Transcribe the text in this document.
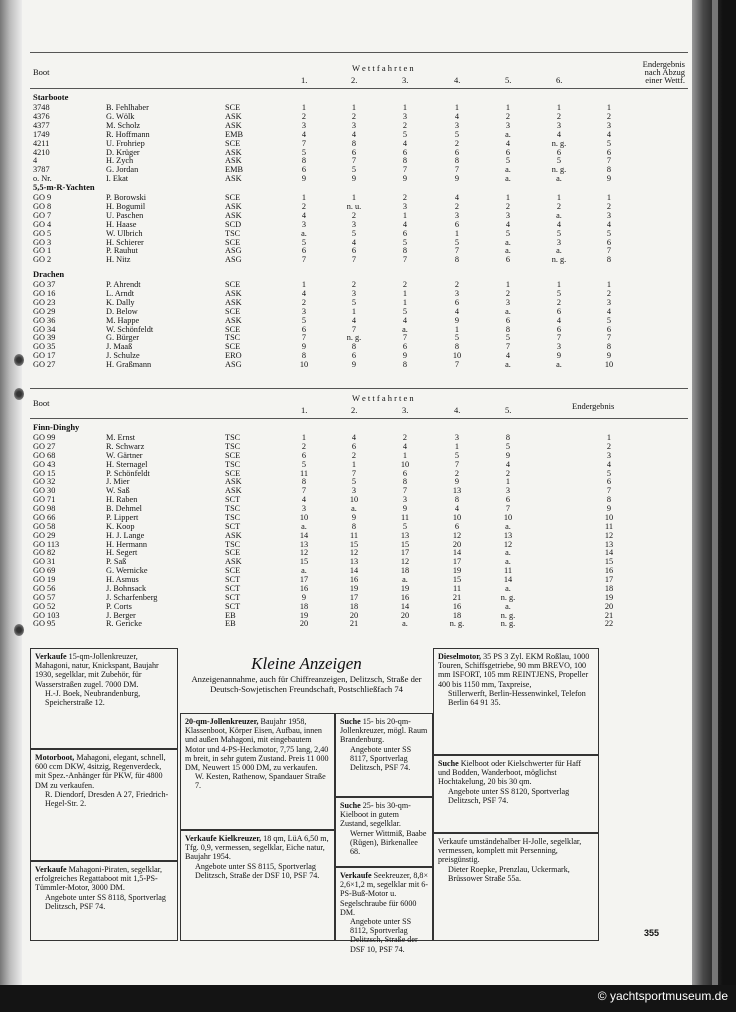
Boot	W e t t f a h r t e n
1.	2.	3.	4.	5.	6.
Endergebnis
nach Abzug
einer Wettf.
Starboote
3748	B. Fehlhaber	SCE	1	1	1	1	1	1	1
4376	G. Wölk	ASK	2	2	3	4	2	2	2
4377	M. Scholz	ASK	3	3	2	3	3	3	3
1749	R. Hoffmann	EMB	4	4	5	5	a.	4	4
4211	U. Frohriep	SCE	7	8	4	2	4	n. g.	5
4210	D. Krüger	ASK	5	6	6	6	6	6	6
4	H. Zych	ASK	8	7	8	8	5	5	7
3787	G. Jordan	EMB	6	5	7	7	a.	n. g.	8
o. Nr.	I. Ekat	ASK	9	9	9	9	a.	a.	9
5,5-m-R-Yachten
GO 9	P. Borowski	SCE	1	1	2	4	1	1	1
GO 8	H. Bogumil	ASK	2	n. u.	3	2	2	2	2
GO 7	U. Paschen	ASK	4	2	1	3	3	a.	3
GO 4	H. Haase	SCD	3	3	4	6	4	4	4
GO 5	W. Ulbrich	TSC	a.	5	6	1	5	5	5
GO 3	H. Schierer	SCE	5	4	5	5	a.	3	6
GO 1	P. Rauhut	ASG	6	6	8	7	a.	a.	7
GO 2	H. Nitz	ASG	7	7	7	8	6	n. g.	8
Drachen
GO 37	P. Ahrendt	SCE	1	2	2	2	1	1	1
GO 16	L. Arndt	ASK	4	3	1	3	2	5	2
GO 23	K. Dally	ASK	2	5	1	6	3	2	3
GO 29	D. Below	SCE	3	1	5	4	a.	6	4
GO 36	M. Happe	ASK	5	4	4	9	6	4	5
GO 34	W. Schönfeldt	SCE	6	7	a.	1	8	6	6
GO 39	G. Bürger	TSC	7	n. g.	7	5	5	7	7
GO 35	J. Maaß	SCE	9	8	6	8	7	3	8
GO 17	J. Schulze	ERO	8	6	9	10	4	9	9
GO 27	H. Graßmann	ASG	10	9	8	7	a.	a.	10
Boot	W e t t f a h r t e n
1.	2.	3.	4.	5.	Endergebnis
Finn-Dinghy
GO 99	M. Ernst	TSC	1	4	2	3	8	1
GO 27	R. Schwarz	TSC	2	6	4	1	5	2
GO 68	W. Gärtner	SCE	6	2	1	5	9	3
GO 43	H. Sternagel	TSC	5	1	10	7	4	4
GO 15	P. Schönfeldt	SCE	11	7	6	2	2	5
GO 32	J. Mier	ASK	8	5	8	9	1	6
GO 30	W. Saß	ASK	7	3	7	13	3	7
GO 71	H. Raben	SCT	4	10	3	8	6	8
GO 98	B. Dehmel	TSC	3	a.	9	4	7	9
GO 66	P. Lippert	TSC	10	9	11	10	10	10
GO 58	K. Koop	SCT	a.	8	5	6	a.	11
GO 29	H. J. Lange	ASK	14	11	13	12	13	12
GO 113	H. Hermann	TSC	13	15	15	20	12	13
GO 82	H. Segert	SCE	12	12	17	14	a.	14
GO 31	P. Saß	ASK	15	13	12	17	a.	15
GO 69	G. Wernicke	SCE	a.	14	18	19	11	16
GO 19	H. Asmus	SCT	17	16	a.	15	14	17
GO 56	J. Bohnsack	SCT	16	19	19	11	a.	18
GO 57	J. Scharfenberg	SCT	9	17	16	21	n. g.	19
GO 52	P. Corts	SCT	18	18	14	16	a.	20
GO 103	J. Berger	EB	19	20	20	18	n. g.	21
GO 95	R. Gericke	EB	20	21	a.	n. g.	n. g.	22
Verkaufe 15-qm-Jollenkreuzer, Mahagoni, natur, Knickspant, Baujahr 1930, segelklar, mit Zubehör, für Wasserstraßen zugel. 7000 DM.
H.-J. Boek, Neubrandenburg, Speicherstraße 12.
Motorboot, Mahagoni, elegant, schnell, 600 ccm DKW, 4sitzig, Regenverdeck, mit Spez.-Anhänger für PKW, für 4800 DM zu verkaufen.
R. Diendorf, Dresden A 27, Friedrich-Hegel-Str. 2.
Verkaufe Mahagoni-Piraten, segelklar, erfolgreiches Regattaboot mit 1,5-PS-Tümmler-Motor, 3000 DM.
Angebote unter SS 8118, Sportverlag Delitzsch, PSF 74.
Kleine Anzeigen
Anzeigenannahme, auch für Chiffreanzeigen, Delitzsch, Straße der Deutsch-Sowjetischen Freundschaft, Postschließfach 74
20-qm-Jollenkreuzer, Baujahr 1958, Klassenboot, Körper Eisen, Aufbau, innen und außen Mahagoni, mit eingebautem Motor und 4-PS-Heckmotor, 7,75 lang, 2,40 m breit, in sehr gutem Zustand. Preis 11 000 DM, Neuwert 15 000 DM, zu verkaufen.
W. Kesten, Rathenow, Spandauer Straße 7.
Verkaufe Kielkreuzer, 18 qm, LüA 6,50 m, Tfg. 0,9, vermessen, segelklar, Eiche natur, Baujahr 1954.
Angebote unter SS 8115, Sportverlag Delitzsch, Straße der DSF 10, PSF 74.
Suche 15- bis 20-qm-Jollenkreuzer, mögl. Raum Brandenburg.
Angebote unter SS 8117, Sportverlag Delitzsch, PSF 74.
Suche 25- bis 30-qm-Kielboot in gutem Zustand, segelklar.
Werner Wittmiß, Baabe (Rügen), Birkenallee 68.
Verkaufe Seekreuzer, 8,8× 2,6×1,2 m, segelklar mit 6-PS-Buß-Motor u. Segelschraube für 6000 DM.
Angebote unter SS 8112, Sportverlag Delitzsch, Straße der DSF 10, PSF 74.
Dieselmotor, 35 PS 3 Zyl. EKM Roßlau, 1000 Touren, Schiffsgetriebe, 90 mm BREVO, 100 mm ISFORT, 105 mm REINTJENS, Propeller 400 bis 1150 mm, Taxpreise,
Stillerwerft, Berlin-Hessenwinkel, Telefon Berlin 64 91 35.
Suche Kielboot oder Kielschwerter für Haff und Bodden, Wanderboot, möglichst Hochtakelung, 20 bis 30 qm.
Angebote unter SS 8120, Sportverlag Delitzsch, PSF 74.
Verkaufe umständehalber H-Jolle, segelklar, vermessen, komplett mit Persenning, preisgünstig.
Dieter Roepke, Prenzlau, Uckermark, Brüssower Straße 55a.
355
© yachtsportmuseum.de
